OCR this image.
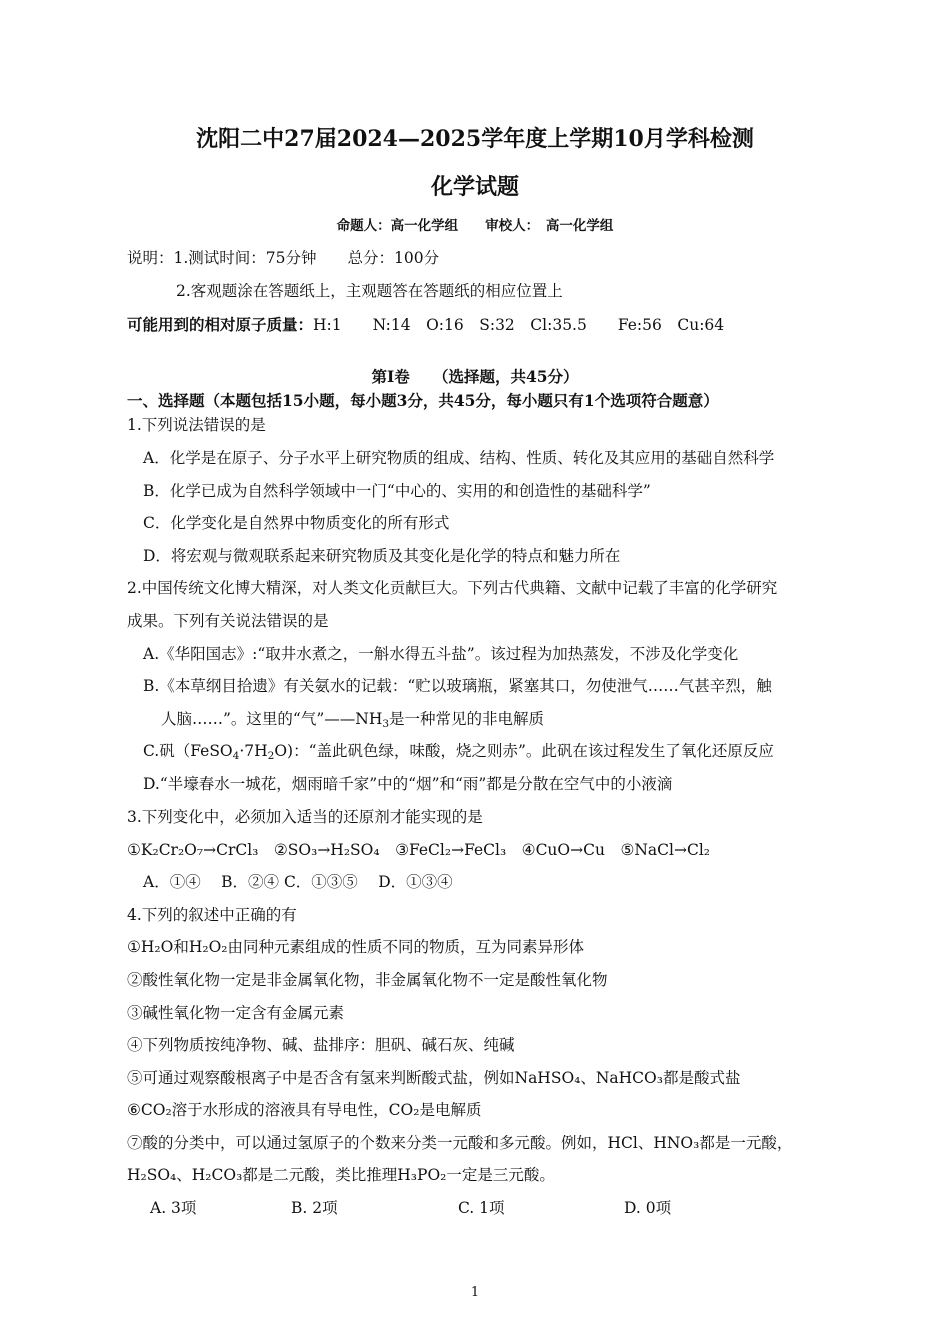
沈阳二中27届2024—2025学年度上学期10月学科检测
化学试题
命题人：高一化学组　　审校人：　高一化学组
说明：1.测试时间：75分钟　　总分：100分
2.客观题涂在答题纸上，主观题答在答题纸的相应位置上
可能用到的相对原子质量：H:1　　N:14　O:16　S:32　Cl:35.5　　Fe:56　Cu:64
第Ⅰ卷　　（选择题，共45分）
一、选择题（本题包括15小题，每小题3分，共45分，每小题只有1个选项符合题意）
1.下列说法错误的是
A．化学是在原子、分子水平上研究物质的组成、结构、性质、转化及其应用的基础自然科学
B．化学已成为自然科学领域中一门“中心的、实用的和创造性的基础科学”
C．化学变化是自然界中物质变化的所有形式
D．将宏观与微观联系起来研究物质及其变化是化学的特点和魅力所在
2.中国传统文化博大精深，对人类文化贡献巨大。下列古代典籍、文献中记载了丰富的化学研究
成果。下列有关说法错误的是
A.《华阳国志》:“取井水煮之，一斛水得五斗盐”。该过程为加热蒸发，不涉及化学变化
B.《本草纲目拾遗》有关氨水的记载：“贮以玻璃瓶，紧塞其口，勿使泄气……气甚辛烈，触
人脑……”。这里的“气$”——NH_3$是一种常见的非电解质
C.矾$(FeSO_4\cdot 7H_2O)$：“盖此矾色绿，味酸，烧之则赤”。此矾在该过程发生了氧化还原反应
D.“半壕春水一城花，烟雨暗千家”中的“烟”和“雨”都是分散在空气中的小液滴
3.下列变化中，必须加入适当的还原剂才能实现的是
①K₂Cr₂O₇→CrCl₃　②SO₃→H₂SO₄　③FeCl₂→FeCl₃　④CuO→Cu　⑤NaCl→Cl₂
A．①④　 B．②④ C．①③⑤　 D．①③④
4.下列的叙述中正确的有
①H₂O和H₂O₂由同种元素组成的性质不同的物质，互为同素异形体
②酸性氧化物一定是非金属氧化物，非金属氧化物不一定是酸性氧化物
③碱性氧化物一定含有金属元素
④下列物质按纯净物、碱、盐排序：胆矾、碱石灰、纯碱
⑤可通过观察酸根离子中是否含有氢来判断酸式盐，例如NaHSO₄、NaHCO₃都是酸式盐
⑥CO₂溶于水形成的溶液具有导电性，CO₂是电解质
⑦酸的分类中，可以通过氢原子的个数来分类一元酸和多元酸。例如，HCl、HNO₃都是一元酸，
H₂SO₄、H₂CO₃都是二元酸，类比推理H₃PO₂一定是三元酸。
A. 3项	B. 2项	C. 1项	D. 0项
1
